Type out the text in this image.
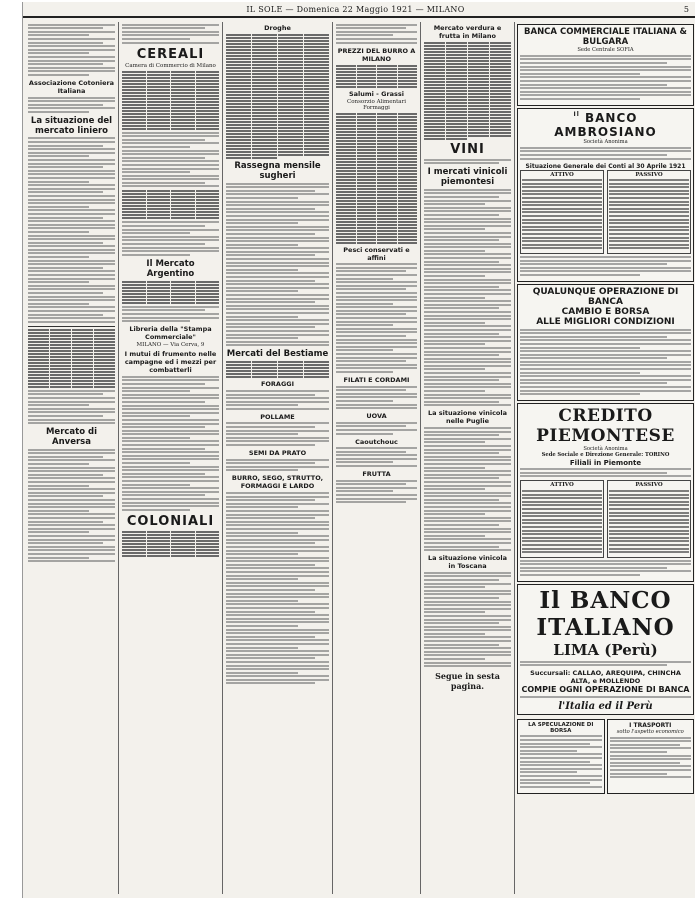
IL SOLE — Domenica 22 Maggio 1921 — MILANO	5
Associazione Cotoniera Italiana
La situazione del mercato liniero
Mercato di Anversa
CEREALI
Camera di Commercio di Milano
Il Mercato Argentino
Libreria della "Stampa Commerciale"
MILANO — Via Cerva, 9
I mutui di frumento nelle campagne ed i mezzi per combatterli
COLONIALI
Droghe
Rassegna mensile sugheri
Mercati del Bestiame
FORAGGI
POLLAME
SEMI DA PRATO
BURRO, SEGO, STRUTTO, FORMAGGI E LARDO
PREZZI DEL BURRO A MILANO
Salumi - Grassi
Consorzio Alimentari Formaggi
Pesci conservati e affini
FILATI E CORDAMI
UOVA
Caoutchouc
FRUTTA
Mercato verdura e frutta in Milano
VINI
I mercati vinicoli piemontesi
La situazione vinicola nelle Puglie
La situazione vinicola in Toscana
Segue in sesta pagina.
BANCA COMMERCIALE ITALIANA & BULGARA
Sede Centrale SOFIA
$^{Il}$ BANCO AMBROSIANO
Società Anonima
Situazione Generale dei Conti al 30 Aprile 1921
ATTIVO	PASSIVO
QUALUNQUE OPERAZIONE DI BANCA
CAMBIO E BORSA
ALLE MIGLIORI CONDIZIONI
CREDITO PIEMONTESE
Società Anonima
Sede Sociale e Direzione Generale: TORINO
Filiali in Piemonte
ATTIVO	PASSIVO
Il BANCO ITALIANO
LIMA (Perù)
Succursali: CALLAO, AREQUIPA, CHINCHA ALTA, e MOLLENDO
COMPIE OGNI OPERAZIONE DI BANCA
l'Italia ed il Perù
LA SPECULAZIONE DI BORSA
I TRASPORTI
sotto l'aspetto economico
